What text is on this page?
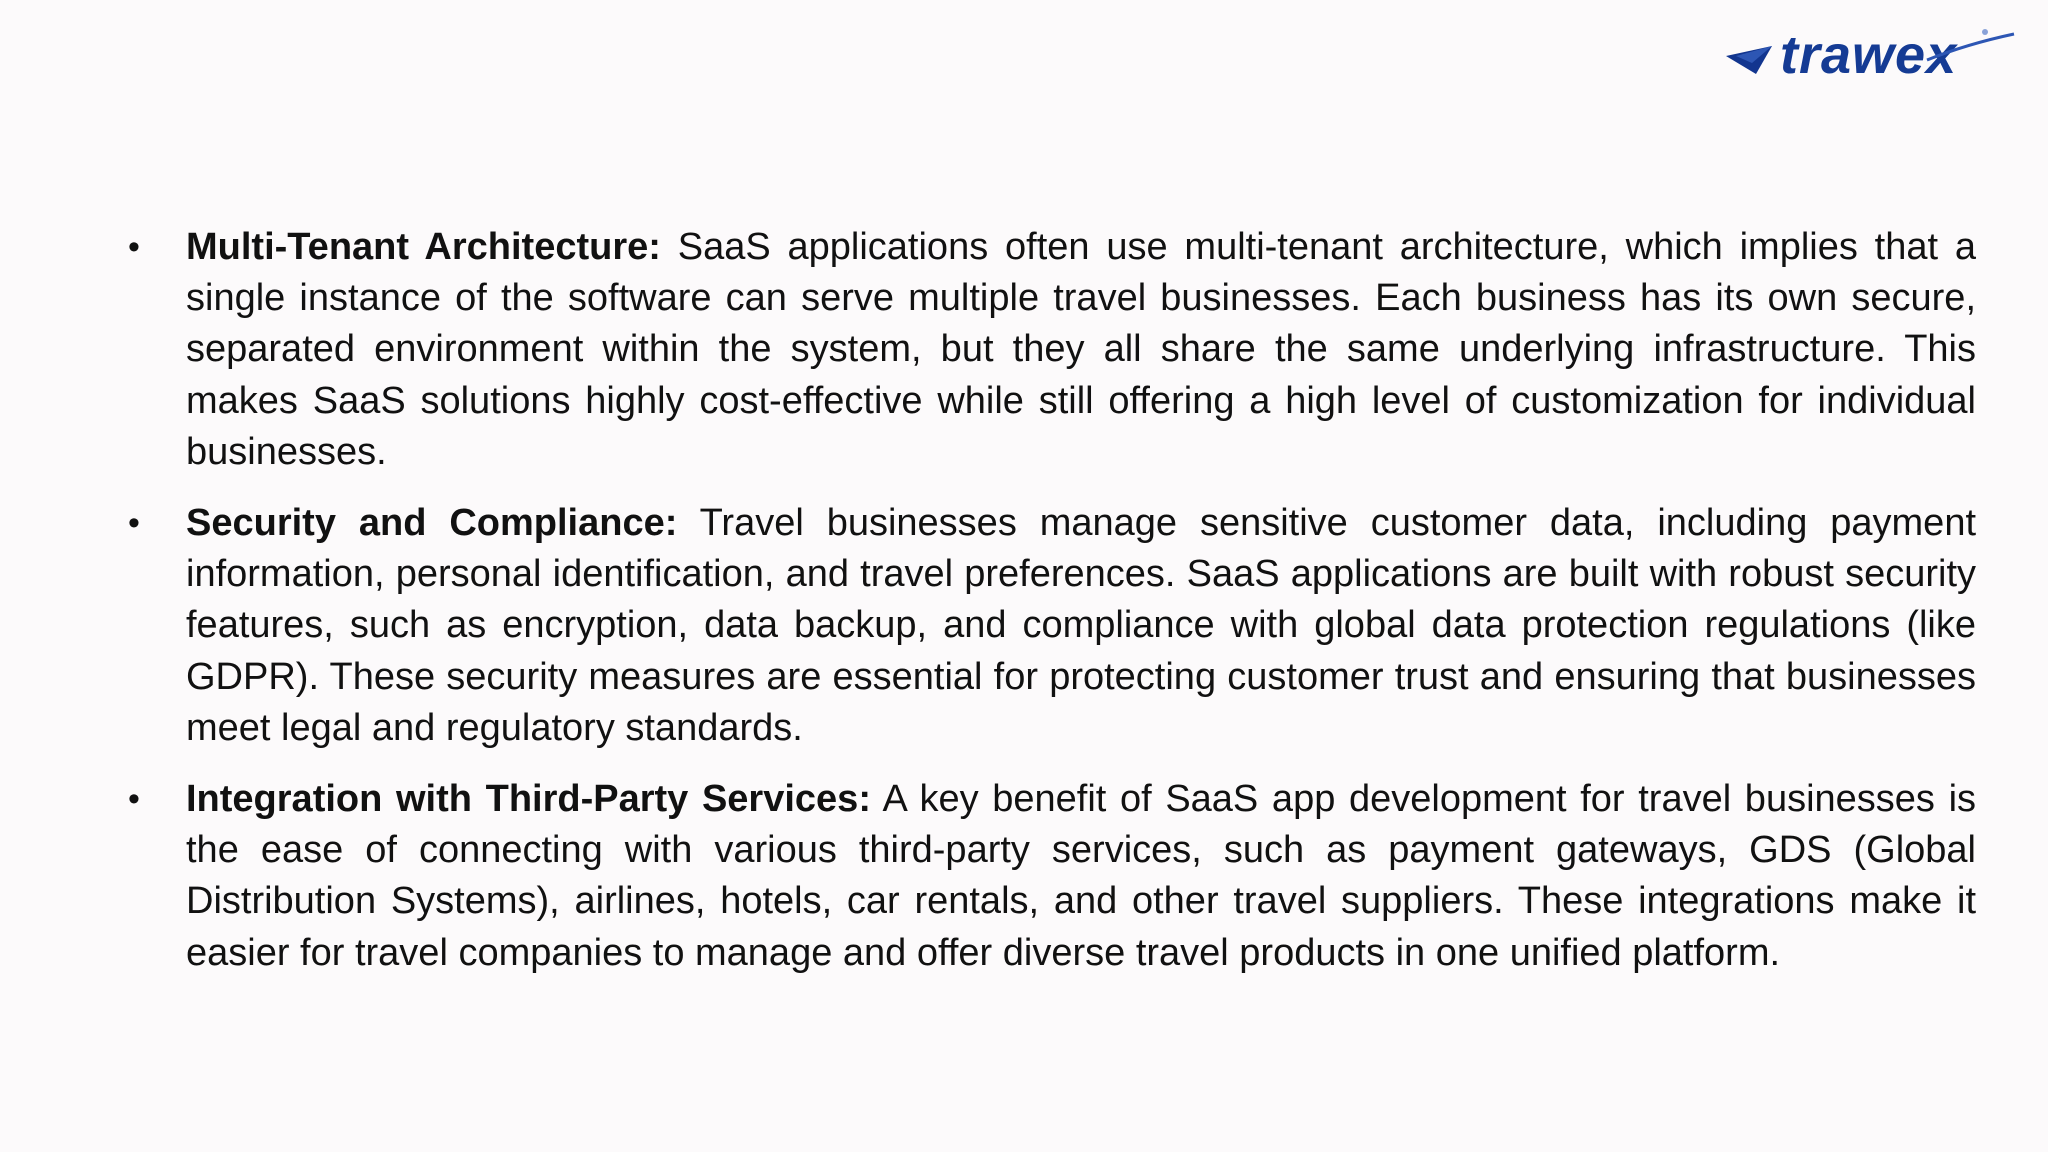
trawex
• Multi-Tenant Architecture: SaaS applications often use multi-tenant architecture, which implies that a single instance of the software can serve multiple travel businesses. Each business has its own secure, separated environment within the system, but they all share the same underlying infrastructure. This makes SaaS solutions highly cost-effective while still offering a high level of customization for individual businesses.
• Security and Compliance: Travel businesses manage sensitive customer data, including payment information, personal identification, and travel preferences. SaaS applications are built with robust security features, such as encryption, data backup, and compliance with global data protection regulations (like GDPR). These security measures are essential for protecting customer trust and ensuring that businesses meet legal and regulatory standards.
• Integration with Third-Party Services: A key benefit of SaaS app development for travel businesses is the ease of connecting with various third-party services, such as payment gateways, GDS (Global Distribution Systems), airlines, hotels, car rentals, and other travel suppliers. These integrations make it easier for travel companies to manage and offer diverse travel products in one unified platform.
